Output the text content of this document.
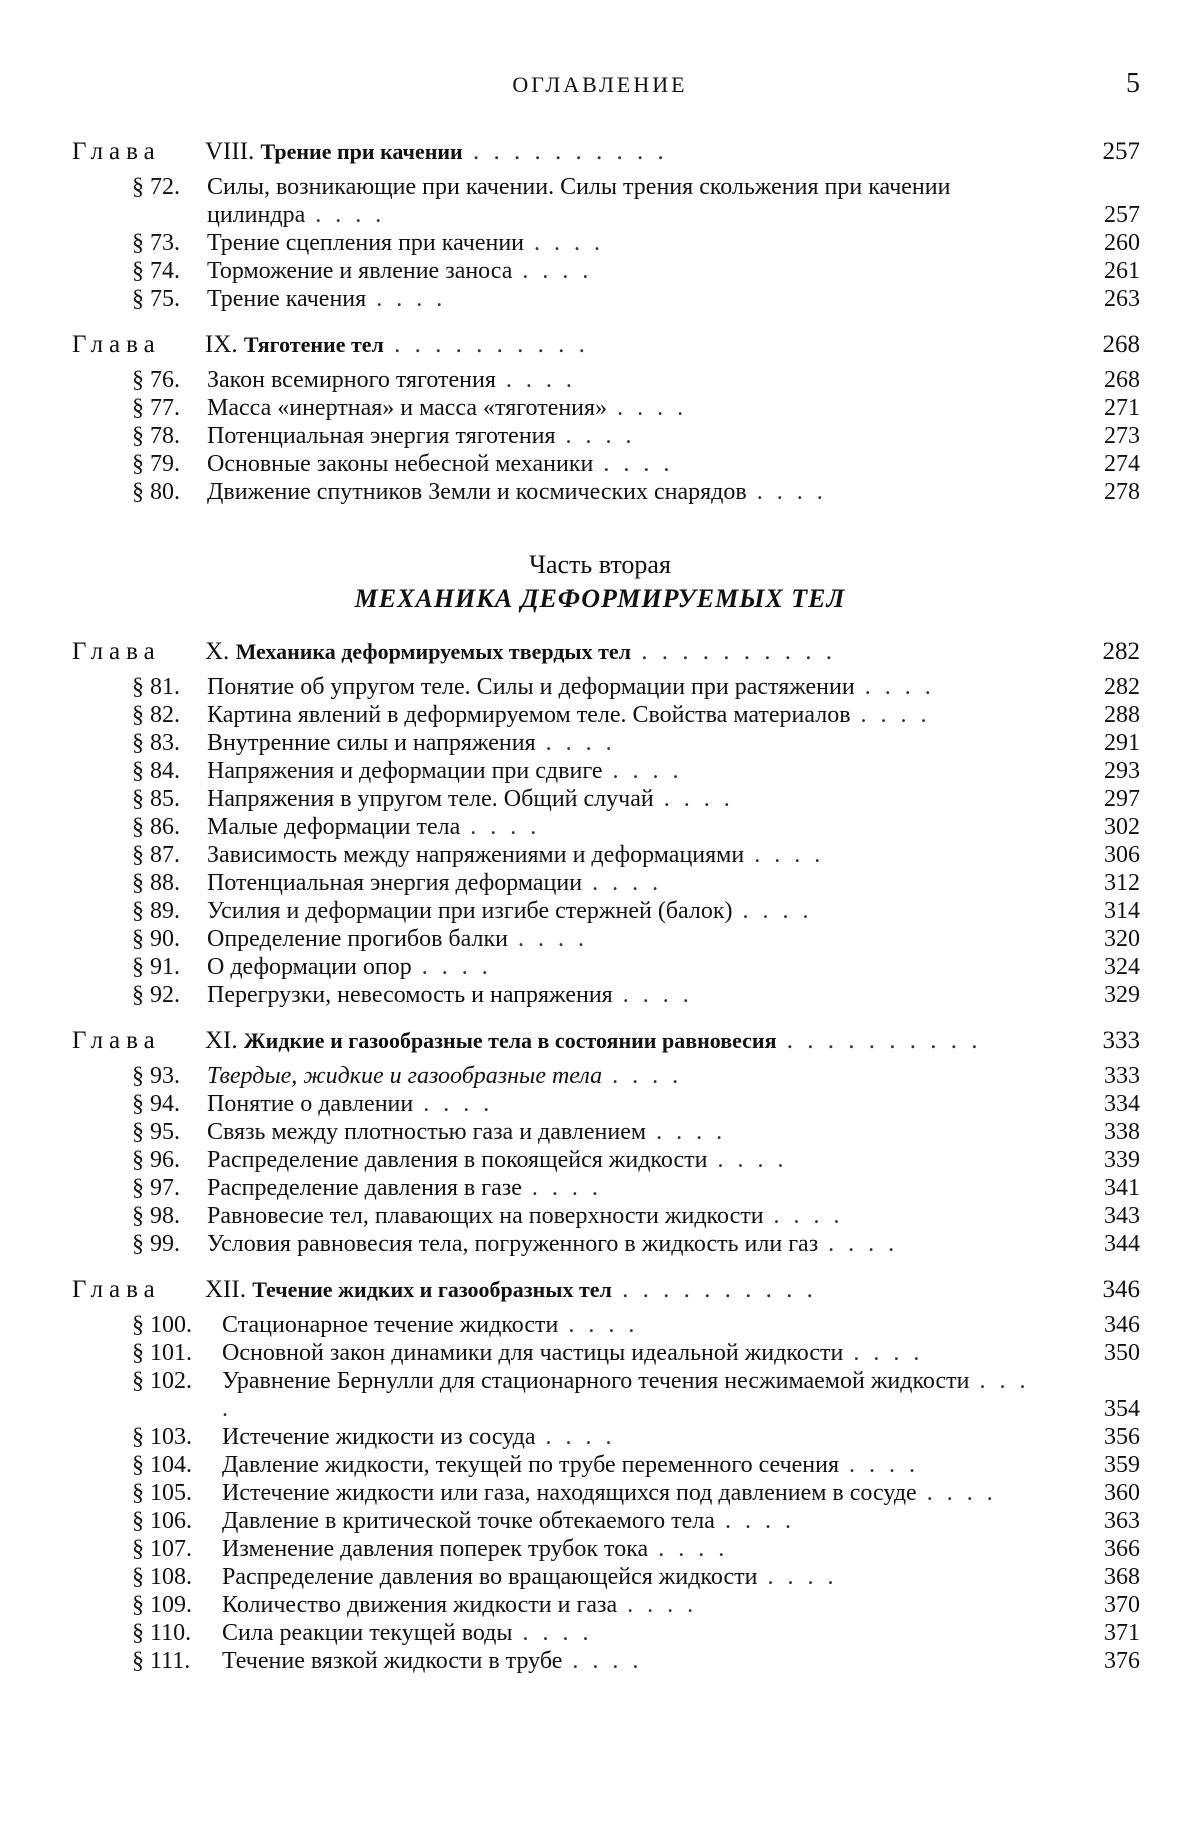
ОГЛАВЛЕНИЕ	5
Глава VIII. Трение при качении . . . . . . . . . .	257
§ 72.	Силы, возникающие при качении. Силы трения скольжения при качении цилиндра . . . .	257
§ 73.	Трение сцепления при качении . . . .	260
§ 74.	Торможение и явление заноса . . . .	261
§ 75.	Трение качения . . . .	263
Глава IX. Тяготение тел . . . . . . . . . .	268
§ 76.	Закон всемирного тяготения . . . .	268
§ 77.	Масса «инертная» и масса «тяготения» . . . .	271
§ 78.	Потенциальная энергия тяготения . . . .	273
§ 79.	Основные законы небесной механики . . . .	274
§ 80.	Движение спутников Земли и космических снарядов . . . .	278
Часть вторая
МЕХАНИКА ДЕФОРМИРУЕМЫХ ТЕЛ
Глава X. Механика деформируемых твердых тел . . . . . . . . . .	282
§ 81.	Понятие об упругом теле. Силы и деформации при растяжении . . . .	282
§ 82.	Картина явлений в деформируемом теле. Свойства материалов . . . .	288
§ 83.	Внутренние силы и напряжения . . . .	291
§ 84.	Напряжения и деформации при сдвиге . . . .	293
§ 85.	Напряжения в упругом теле. Общий случай . . . .	297
§ 86.	Малые деформации тела . . . .	302
§ 87.	Зависимость между напряжениями и деформациями . . . .	306
§ 88.	Потенциальная энергия деформации . . . .	312
§ 89.	Усилия и деформации при изгибе стержней (балок) . . . .	314
§ 90.	Определение прогибов балки . . . .	320
§ 91.	О деформации опор . . . .	324
§ 92.	Перегрузки, невесомость и напряжения . . . .	329
Глава XI. Жидкие и газообразные тела в состоянии равновесия . . . . . . . . . .	333
§ 93.	Твердые, жидкие и газообразные тела . . . .	333
§ 94.	Понятие о давлении . . . .	334
§ 95.	Связь между плотностью газа и давлением . . . .	338
§ 96.	Распределение давления в покоящейся жидкости . . . .	339
§ 97.	Распределение давления в газе . . . .	341
§ 98.	Равновесие тел, плавающих на поверхности жидкости . . . .	343
§ 99.	Условия равновесия тела, погруженного в жидкость или газ . . . .	344
Глава XII. Течение жидких и газообразных тел . . . . . . . . . .	346
§ 100.	Стационарное течение жидкости . . . .	346
§ 101.	Основной закон динамики для частицы идеальной жидкости . . . .	350
§ 102.	Уравнение Бернулли для стационарного течения несжимаемой жидкости . . . .	354
§ 103.	Истечение жидкости из сосуда . . . .	356
§ 104.	Давление жидкости, текущей по трубе переменного сечения . . . .	359
§ 105.	Истечение жидкости или газа, находящихся под давлением в сосуде . . . .	360
§ 106.	Давление в критической точке обтекаемого тела . . . .	363
§ 107.	Изменение давления поперек трубок тока . . . .	366
§ 108.	Распределение давления во вращающейся жидкости . . . .	368
§ 109.	Количество движения жидкости и газа . . . .	370
§ 110.	Сила реакции текущей воды . . . .	371
§ 111.	Течение вязкой жидкости в трубе . . . .	376
